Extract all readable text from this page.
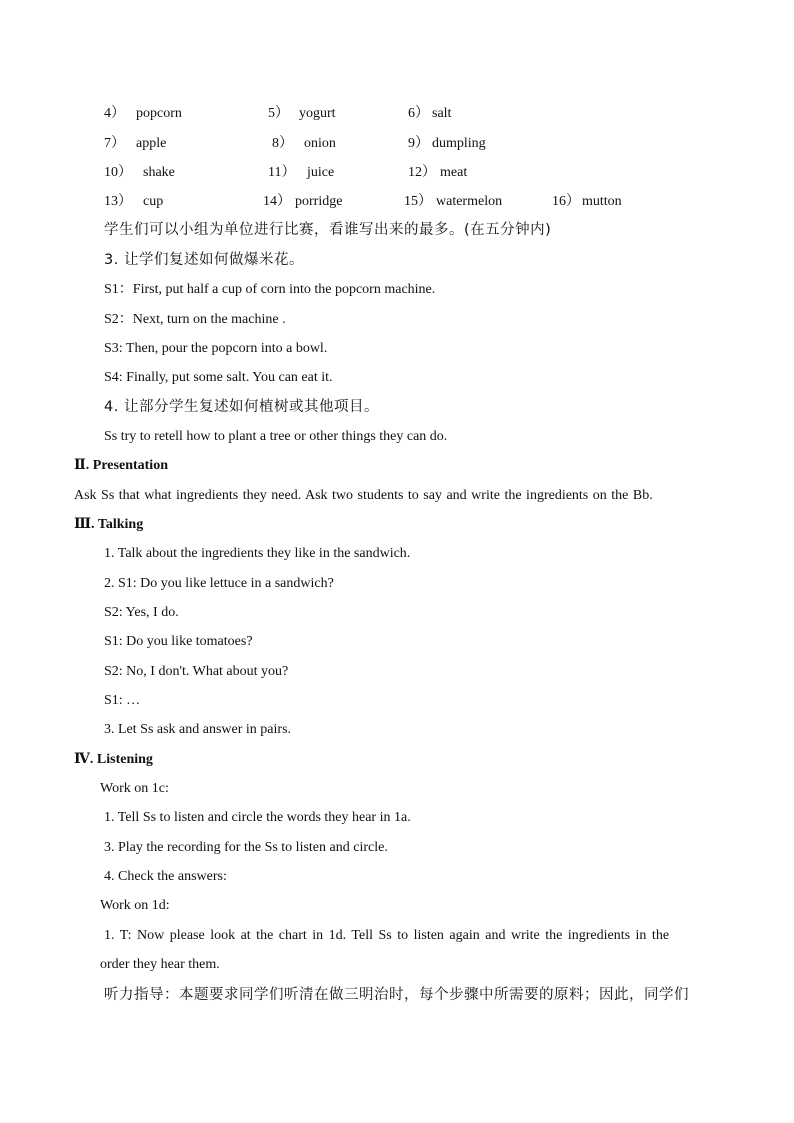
4） popcorn	5） yogurt	6） salt
7） apple	8） onion	9） dumpling
10） shake	11） juice	12） meat
13） cup	14） porridge	15） watermelon	16） mutton
学生们可以小组为单位进行比赛，看谁写出来的最多。(在五分钟内)
3. 让学们复述如何做爆米花。
S1：First, put half a cup of corn into the popcorn machine.
S2：Next, turn on the machine .
S3: Then, pour the popcorn into a bowl.
S4: Finally, put some salt. You can eat it.
4. 让部分学生复述如何植树或其他项目。
Ss try to retell how to plant a tree or other things they can do.
Ⅱ. Presentation
Ask Ss that what ingredients they need. Ask two students to say and write the ingredients on the Bb.
Ⅲ. Talking
1. Talk about the ingredients they like in the sandwich.
2. S1: Do you like lettuce in a sandwich?
S2: Yes, I do.
S1: Do you like tomatoes?
S2: No, I don't. What about you?
S1: …
3. Let Ss ask and answer in pairs.
Ⅳ. Listening
Work on 1c:
1. Tell Ss to listen and circle the words they hear in 1a.
3. Play the recording for the Ss to listen and circle.
4. Check the answers:
Work on 1d:
1. T: Now please look at the chart in 1d. Tell Ss to listen again and write the ingredients in the
order they hear them.
听力指导：本题要求同学们听清在做三明治时，每个步骤中所需要的原料；因此，同学们
